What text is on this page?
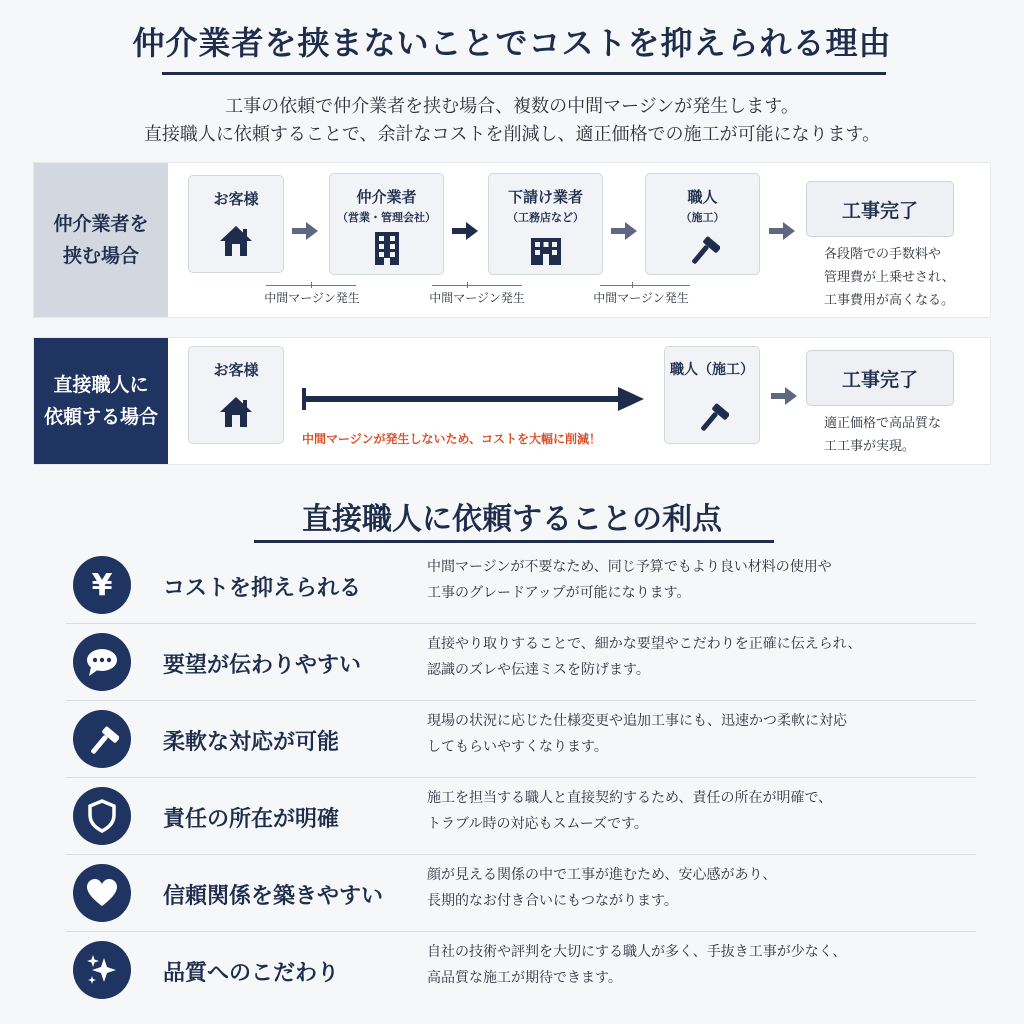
仲介業者を挟まないことでコストを抑えられる理由
工事の依頼で仲介業者を挟む場合、複数の中間マージンが発生します。
直接職人に依頼することで、余計なコストを削減し、適正価格での施工が可能になります。
仲介業者を
挟む場合
お客様	仲介業者
（営業・管理会社）
下請け業者
（工務店など）
職人
（施工）	工事完了
各段階での手数料や
管理費が上乗せされ、
工事費用が高くなる。
中間マージン発生	中間マージン発生	中間マージン発生
直接職人に
依頼する場合
お客様
中間マージンが発生しないため、コストを大幅に削減！
職人（施工）	工事完了
適正価格で高品質な
工工事が実現。
直接職人に依頼することの利点
¥ コストを抑えられる
中間マージンが不要なため、同じ予算でもより良い材料の使用や
工事のグレードアップが可能になります。
要望が伝わりやすい
直接やり取りすることで、細かな要望やこだわりを正確に伝えられ、
認識のズレや伝達ミスを防げます。
柔軟な対応が可能
現場の状況に応じた仕様変更や追加工事にも、迅速かつ柔軟に対応
してもらいやすくなります。
責任の所在が明確
施工を担当する職人と直接契約するため、責任の所在が明確で、
トラブル時の対応もスムーズです。
信頼関係を築きやすい
顔が見える関係の中で工事が進むため、安心感があり、
長期的なお付き合いにもつながります。
品質へのこだわり
自社の技術や評判を大切にする職人が多く、手抜き工事が少なく、
高品質な施工が期待できます。
